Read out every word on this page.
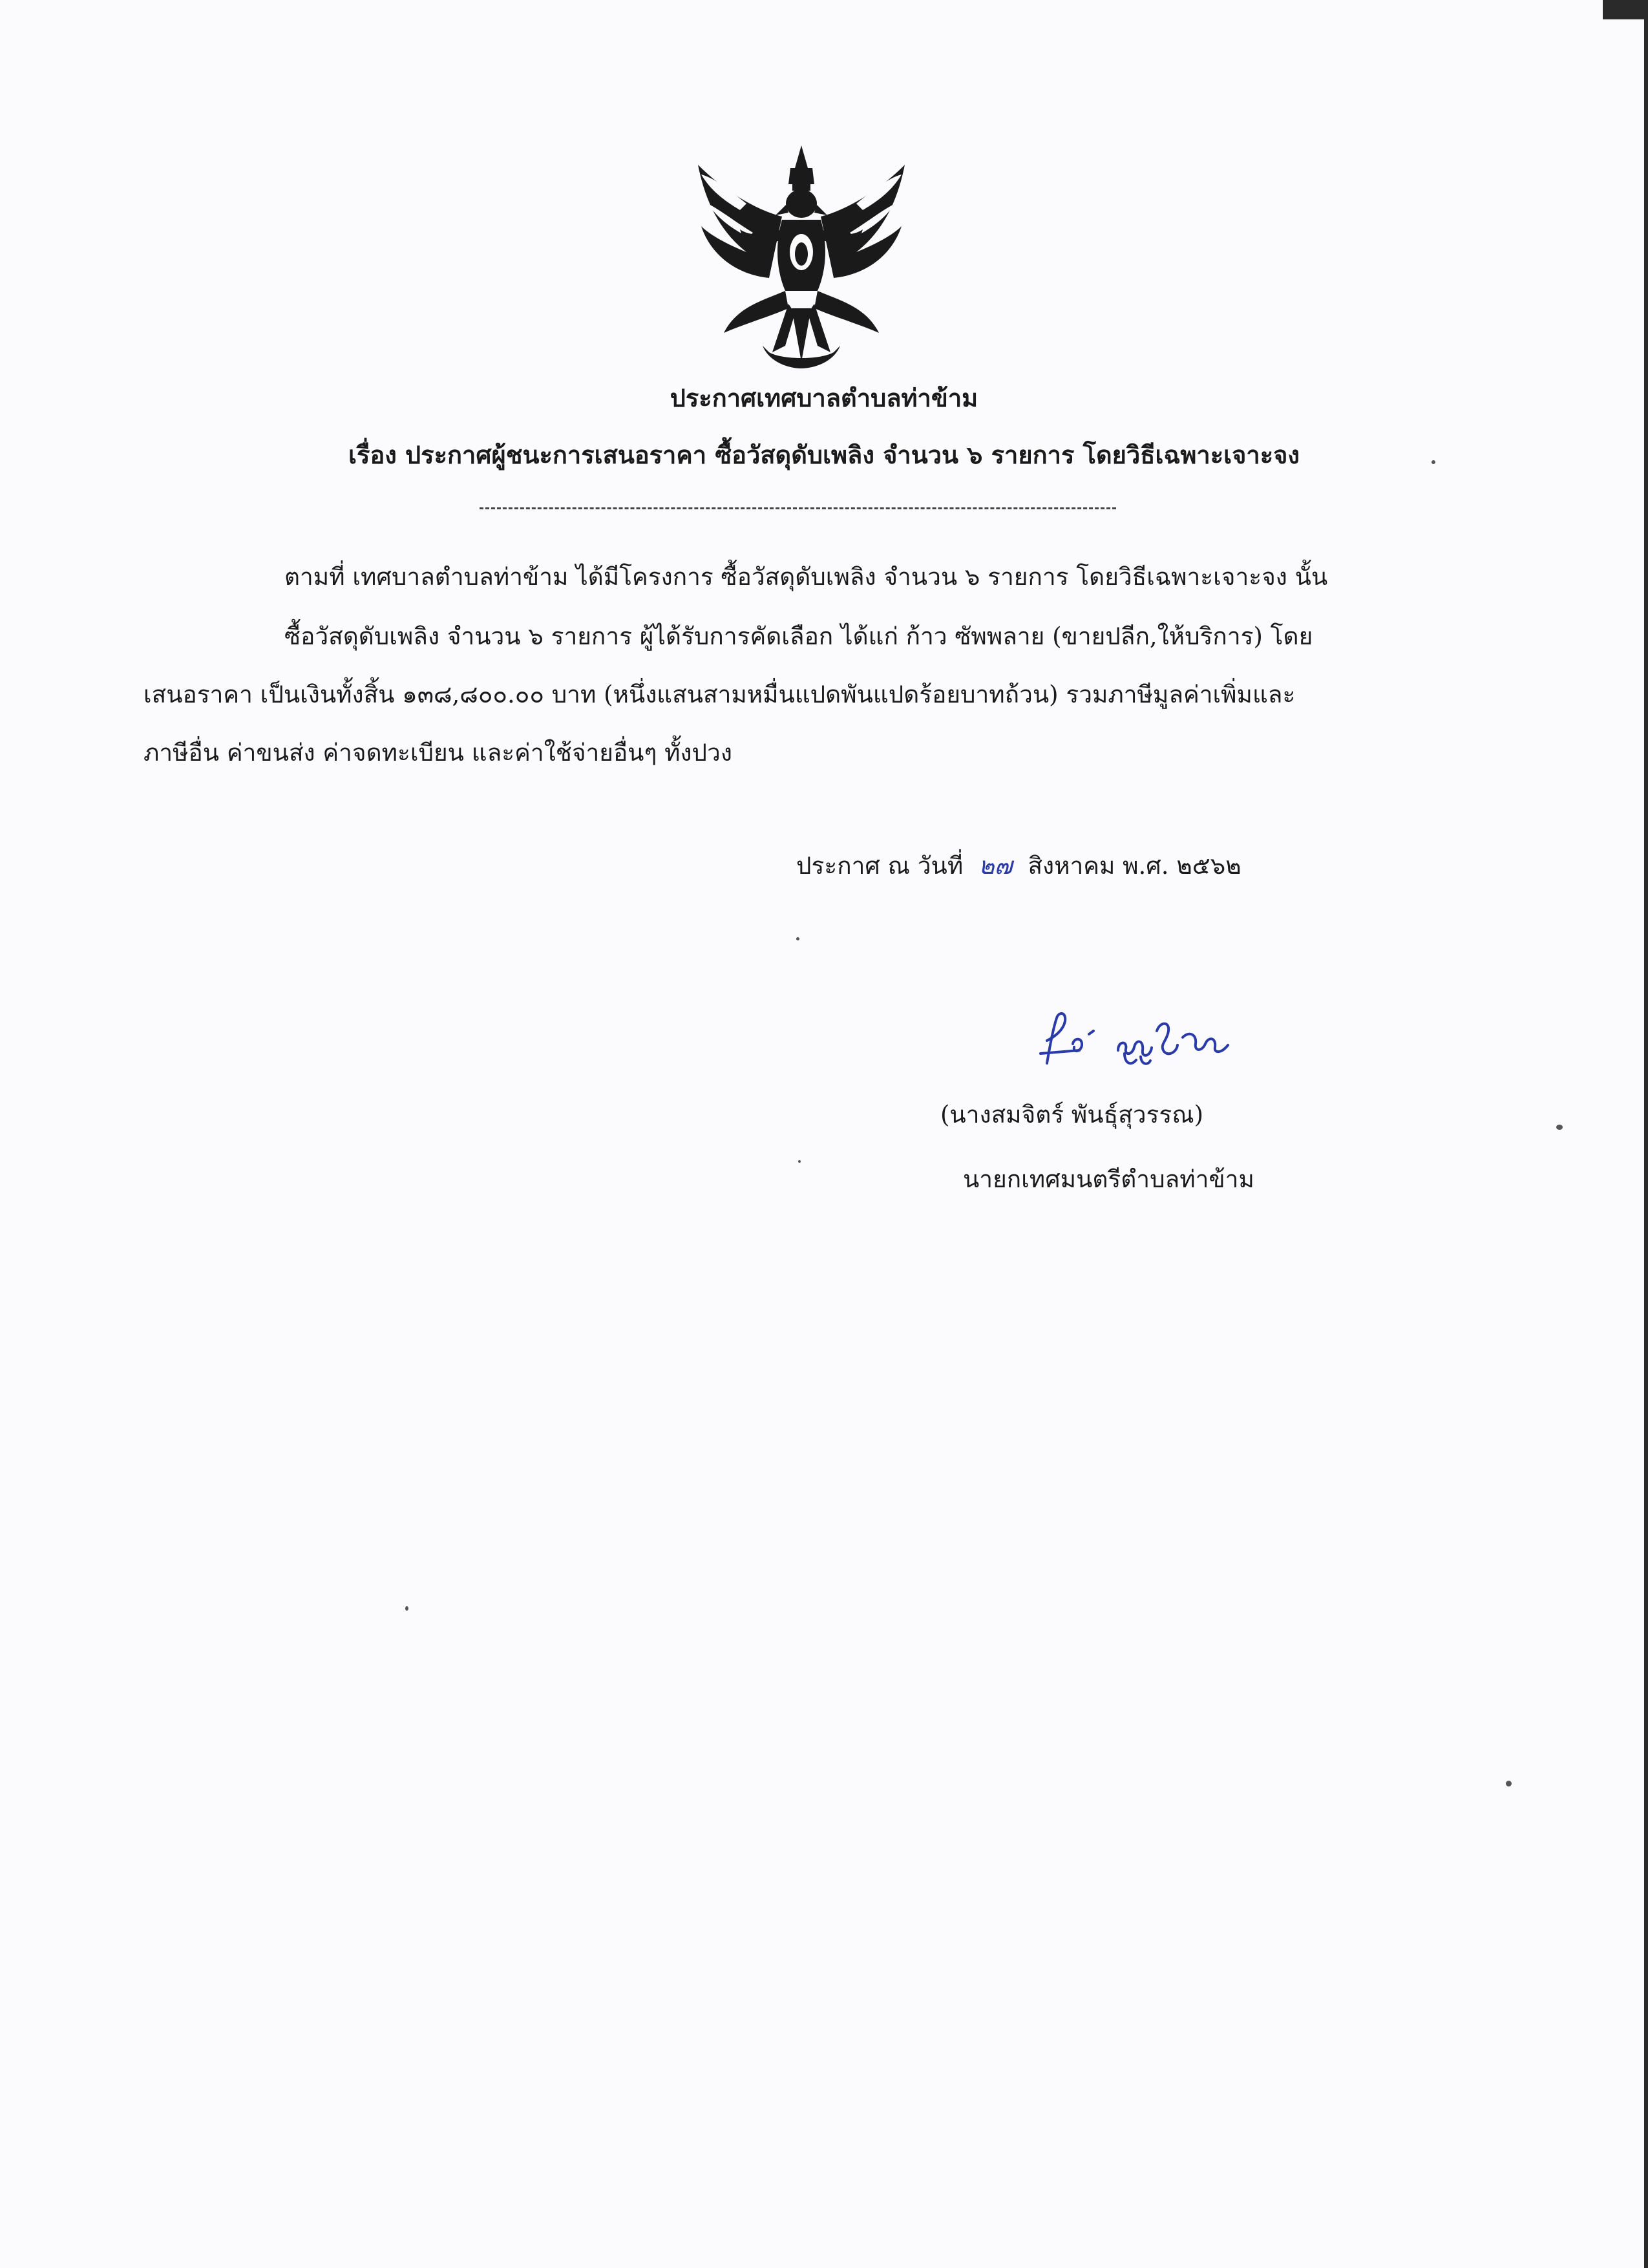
ประกาศเทศบาลตำบลท่าข้าม
เรื่อง ประกาศผู้ชนะการเสนอราคา ซื้อวัสดุดับเพลิง จำนวน ๖ รายการ โดยวิธีเฉพาะเจาะจง
ตามที่ เทศบาลตำบลท่าข้าม ได้มีโครงการ ซื้อวัสดุดับเพลิง จำนวน ๖ รายการ โดยวิธีเฉพาะเจาะจง นั้น
ซื้อวัสดุดับเพลิง จำนวน ๖ รายการ ผู้ได้รับการคัดเลือก ได้แก่ ก้าว ซัพพลาย (ขายปลีก,ให้บริการ) โดย
เสนอราคา เป็นเงินทั้งสิ้น ๑๓๘,๘๐๐.๐๐ บาท (หนึ่งแสนสามหมื่นแปดพันแปดร้อยบาทถ้วน) รวมภาษีมูลค่าเพิ่มและ
ภาษีอื่น ค่าขนส่ง ค่าจดทะเบียน และค่าใช้จ่ายอื่นๆ ทั้งปวง
ประกาศ ณ วันที่ ๒๗ สิงหาคม พ.ศ. ๒๕๖๒
(นางสมจิตร์ พันธุ์สุวรรณ)
นายกเทศมนตรีตำบลท่าข้าม
